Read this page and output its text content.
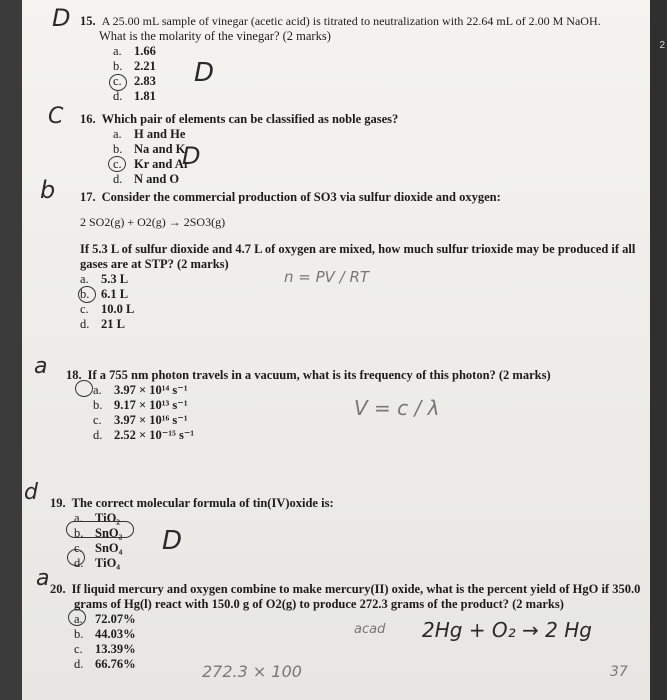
15. A 25.00 mL sample of vinegar (acetic acid) is titrated to neutralization with 22.64 mL of 2.00 M NaOH.
What is the molarity of the vinegar? (2 marks)
a. 1.66
b. 2.21
c. 2.83
d. 1.81
D
D
16. Which pair of elements can be classified as noble gases?
a. H and He
b. Na and K
c. Kr and Ar
d. N and O
C
D
17. Consider the commercial production of SO3 via sulfur dioxide and oxygen:
2 SO2(g) + O2(g) → 2SO3(g)
If 5.3 L of sulfur dioxide and 4.7 L of oxygen are mixed, how much sulfur trioxide may be produced if all
gases are at STP? (2 marks)
a. 5.3 L
b. 6.1 L
c. 10.0 L
d. 21 L
b
n = PV / RT
18. If a 755 nm photon travels in a vacuum, what is its frequency of this photon? (2 marks)
a. 3.97 × 10¹⁴ s⁻¹
b. 9.17 × 10¹³ s⁻¹
c. 3.97 × 10¹⁶ s⁻¹
d. 2.52 × 10⁻¹⁵ s⁻¹
a
V = c / λ
19. The correct molecular formula of tin(IV)oxide is:
a. TiO₂
b. SnO₂
c. SnO₄
d. TiO₄
d
D
20. If liquid mercury and oxygen combine to make mercury(II) oxide, what is the percent yield of HgO if 350.0
grams of Hg(l) react with 150.0 g of O2(g) to produce 272.3 grams of the product? (2 marks)
a. 72.07%
b. 44.03%
c. 13.39%
d. 66.76%
a
2Hg + O₂ → 2 Hg
acad
272.3 × 100	37
2
